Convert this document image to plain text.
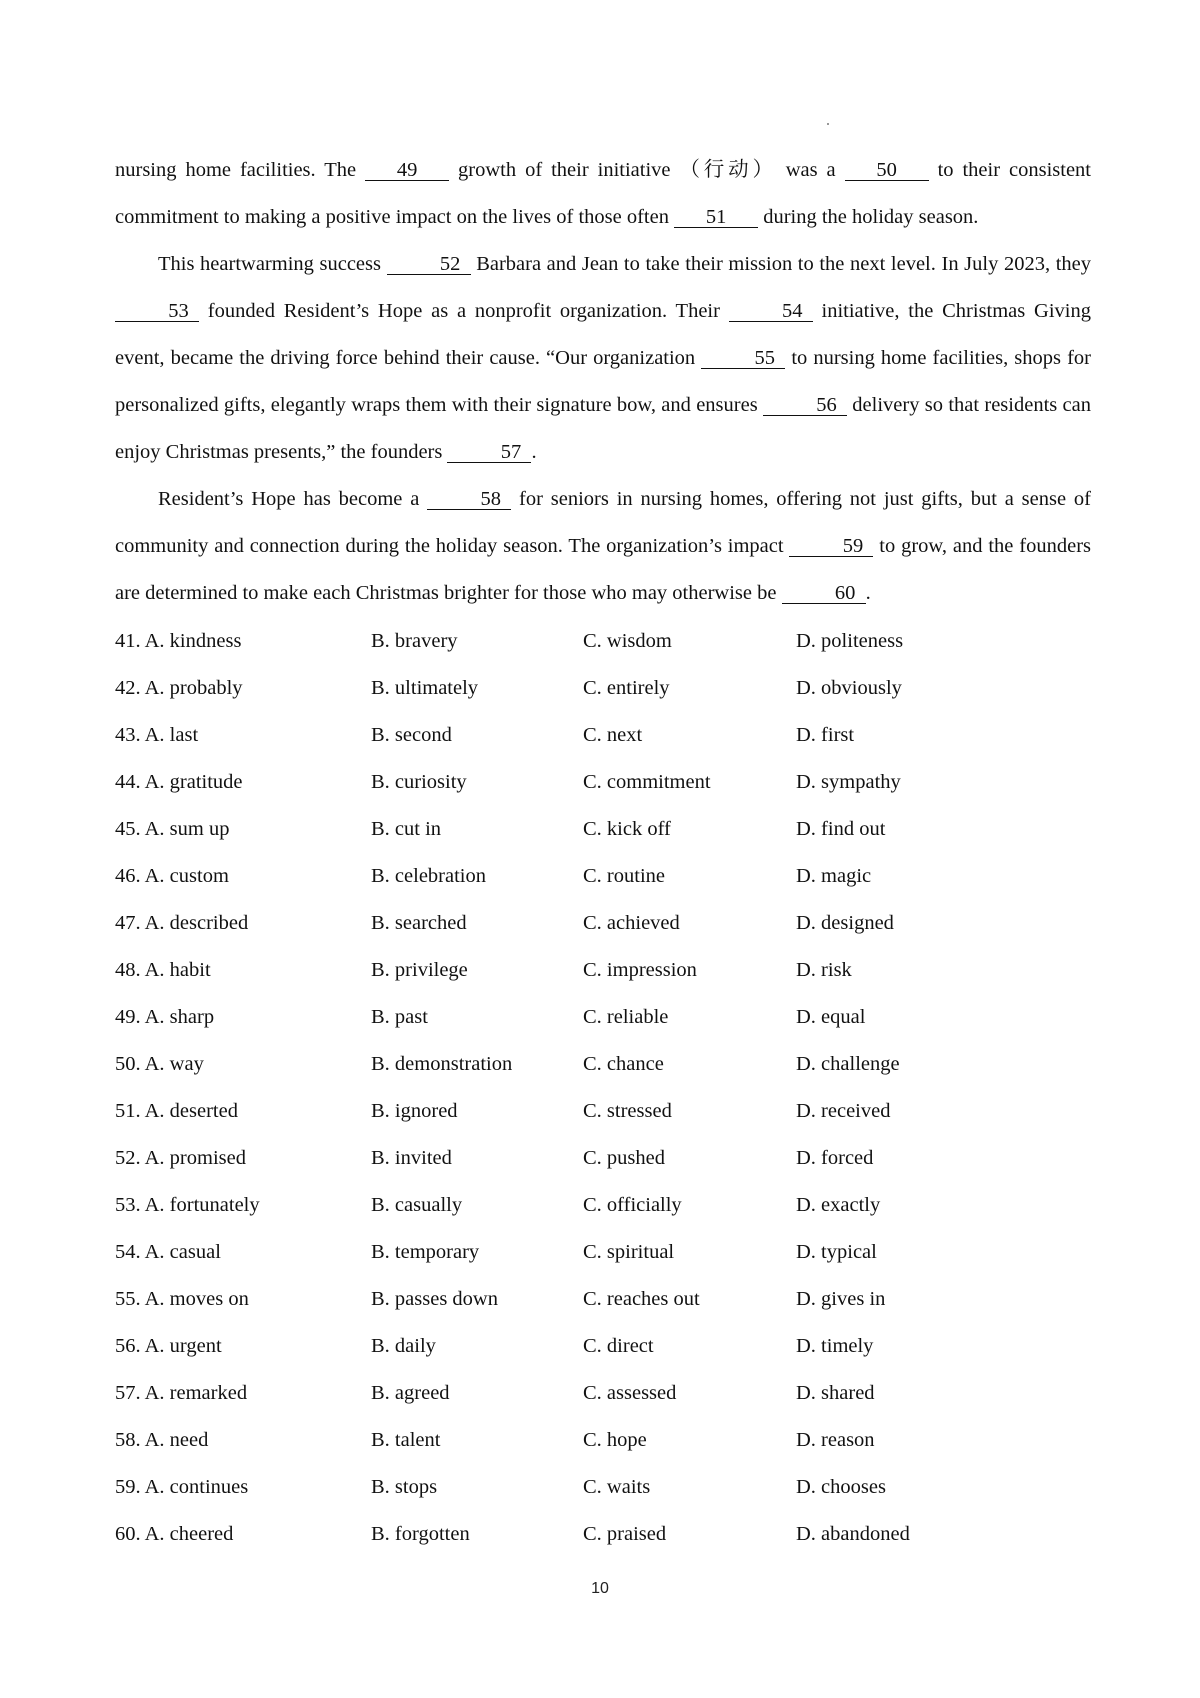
nursing home facilities. The 49 growth of their initiative （行动） was a 50 to their consistent commitment to making a positive impact on the lives of those often 51 during the holiday season.

This heartwarming success	52 Barbara and Jean to take their mission to the next level. In July 2023, they 53 founded Resident’s Hope as a nonprofit organization. Their	54 initiative, the Christmas Giving event, became the driving force behind their cause. “Our organization	55 to nursing home facilities, shops for personalized gifts, elegantly wraps them with their signature bow, and ensures	56 delivery so that residents can enjoy Christmas presents,” the founders	57 .

Resident’s Hope has become a	58 for seniors in nursing homes, offering not just gifts, but a sense of community and connection during the holiday season. The organization’s impact	59 to grow, and the founders are determined to make each Christmas brighter for those who may otherwise be	60 .

41. A. kindness	B. bravery	C. wisdom	D. politeness
42. A. probably	B. ultimately	C. entirely	D. obviously
43. A. last	B. second	C. next	D. first
44. A. gratitude	B. curiosity	C. commitment	D. sympathy
45. A. sum up	B. cut in	C. kick off	D. find out
46. A. custom	B. celebration	C. routine	D. magic
47. A. described	B. searched	C. achieved	D. designed
48. A. habit	B. privilege	C. impression	D. risk
49. A. sharp	B. past	C. reliable	D. equal
50. A. way	B. demonstration	C. chance	D. challenge
51. A. deserted	B. ignored	C. stressed	D. received
52. A. promised	B. invited	C. pushed	D. forced
53. A. fortunately	B. casually	C. officially	D. exactly
54. A. casual	B. temporary	C. spiritual	D. typical
55. A. moves on	B. passes down	C. reaches out	D. gives in
56. A. urgent	B. daily	C. direct	D. timely
57. A. remarked	B. agreed	C. assessed	D. shared
58. A. need	B. talent	C. hope	D. reason
59. A. continues	B. stops	C. waits	D. chooses
60. A. cheered	B. forgotten	C. praised	D. abandoned
10
